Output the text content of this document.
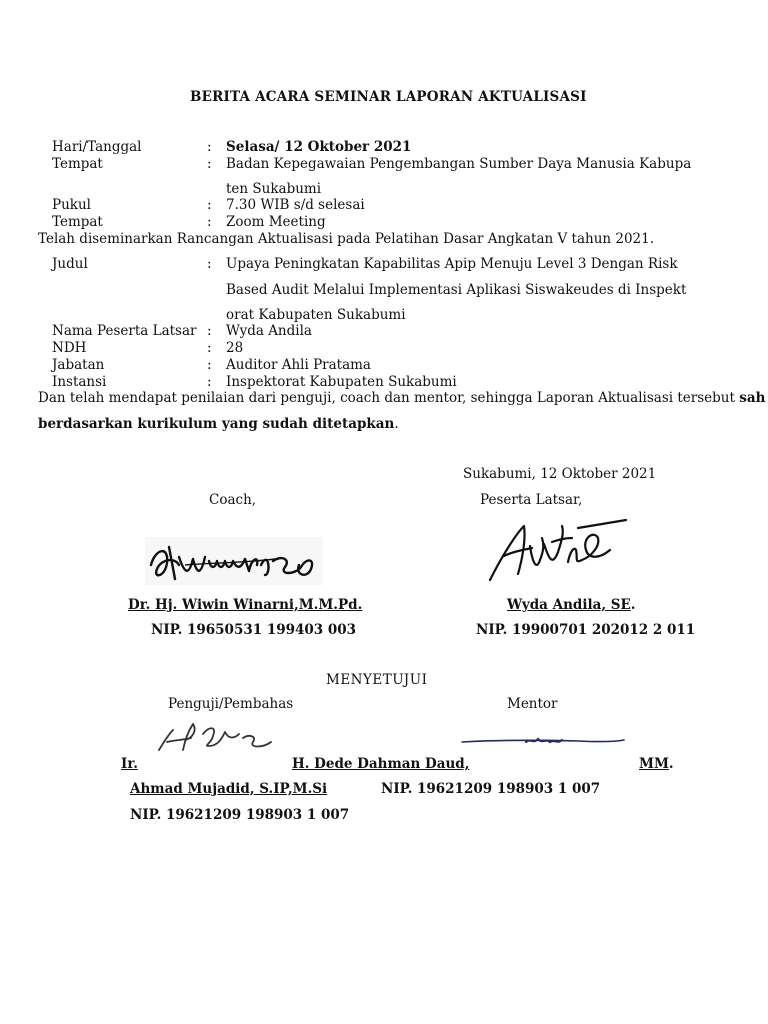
BERITA ACARA SEMINAR LAPORAN AKTUALISASI
Hari/Tanggal	: Selasa/ 12 Oktober 2021
Tempat	: Badan Kepegawaian Pengembangan Sumber Daya Manusia Kabupa
ten Sukabumi
Pukul	: 7.30 WIB s/d selesai
Tempat	: Zoom Meeting
Telah diseminarkan Rancangan Aktualisasi pada Pelatihan Dasar Angkatan V tahun 2021.
Judul	: Upaya Peningkatan Kapabilitas Apip Menuju Level 3 Dengan Risk
Based Audit Melalui Implementasi Aplikasi Siswakeudes di Inspekt
orat Kabupaten Sukabumi
Nama Peserta Latsar : Wyda Andila
NDH	: 28
Jabatan	: Auditor Ahli Pratama
Instansi	: Inspektorat Kabupaten Sukabumi
Dan telah mendapat penilaian dari penguji, coach dan mentor, sehingga Laporan Aktualisasi tersebut sah
berdasarkan kurikulum yang sudah ditetapkan.
Sukabumi, 12 Oktober 2021
Coach,	Peserta Latsar,
Dr. Hj. Wiwin Winarni,M.M.Pd.	Wyda Andila, SE.
NIP. 19650531 199403 003	NIP. 19900701 202012 2 011
MENYETUJUI
Penguji/Pembahas	Mentor
Ir.	H. Dede Dahman Daud,	MM.
Ahmad Mujadid, S.IP,M.Si	NIP. 19621209 198903 1 007
NIP. 19621209 198903 1 007
